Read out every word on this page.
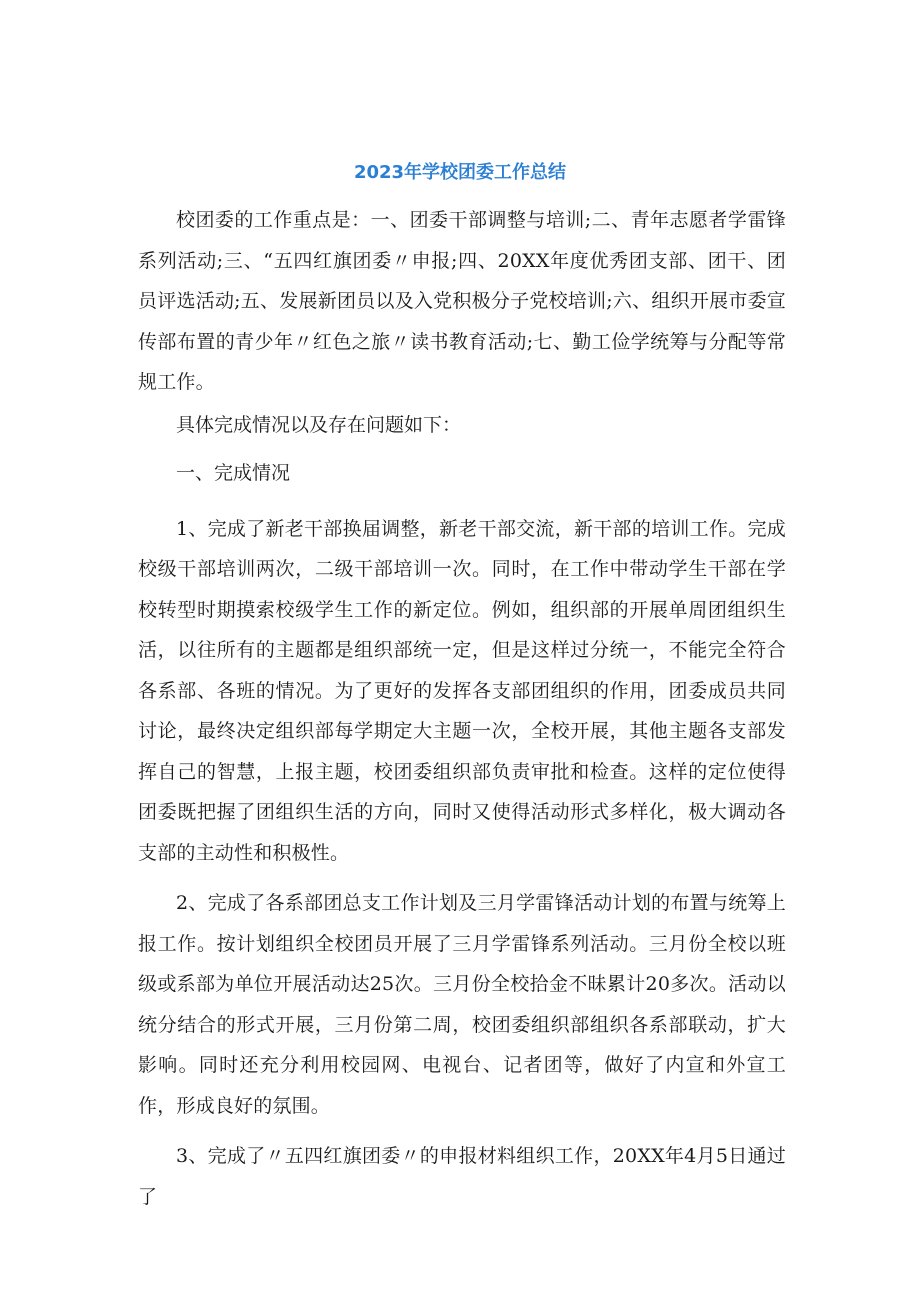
2023年学校团委工作总结

校团委的工作重点是：一、团委干部调整与培训;二、青年志愿者学雷锋系列活动;三、“五四红旗团委〃申报;四、20XX年度优秀团支部、团干、团员评选活动;五、发展新团员以及入党积极分子党校培训;六、组织开展市委宣传部布置的青少年〃红色之旅〃读书教育活动;七、勤工俭学统筹与分配等常规工作。

具体完成情况以及存在问题如下：

一、完成情况

1、完成了新老干部换届调整，新老干部交流，新干部的培训工作。完成校级干部培训两次，二级干部培训一次。同时，在工作中带动学生干部在学校转型时期摸索校级学生工作的新定位。例如，组织部的开展单周团组织生活，以往所有的主题都是组织部统一定，但是这样过分统一，不能完全符合各系部、各班的情况。为了更好的发挥各支部团组织的作用，团委成员共同讨论，最终决定组织部每学期定大主题一次，全校开展，其他主题各支部发挥自己的智慧，上报主题，校团委组织部负责审批和检查。这样的定位使得团委既把握了团组织生活的方向，同时又使得活动形式多样化，极大调动各支部的主动性和积极性。

2、完成了各系部团总支工作计划及三月学雷锋活动计划的布置与统筹上报工作。按计划组织全校团员开展了三月学雷锋系列活动。三月份全校以班级或系部为单位开展活动达25次。三月份全校拾金不昧累计20多次。活动以统分结合的形式开展，三月份第二周，校团委组织部组织各系部联动，扩大影响。同时还充分利用校园网、电视台、记者团等，做好了内宣和外宣工作，形成良好的氛围。

3、完成了〃五四红旗团委〃的申报材料组织工作，20XX年4月5日通过了
